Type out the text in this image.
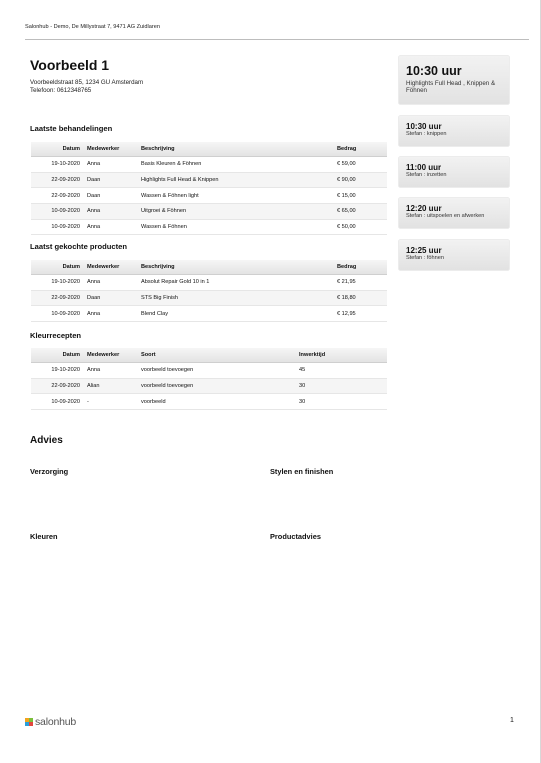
Salonhub - Demo, De Millystraat 7, 9471 AG Zuidlaren
Voorbeeld 1
Voorbeeldstraat 85, 1234 GU Amsterdam
Telefoon: 0612348765
Laatste behandelingen
Datum	Medewerker	Beschrijving	Bedrag
19-10-2020	Anna	Basis Kleuren & Föhnen	€ 59,00
22-09-2020	Daan	Highlights Full Head & Knippen	€ 90,00
22-09-2020	Daan	Wassen & Föhnen light	€ 15,00
10-09-2020	Anna	Uitgroei & Föhnen	€ 65,00
10-09-2020	Anna	Wassen & Föhnen	€ 50,00
Laatst gekochte producten
Datum	Medewerker	Beschrijving	Bedrag
19-10-2020	Anna	Absolut Repair Gold 10 in 1	€ 21,95
22-09-2020	Daan	STS Big Finish	€ 18,80
10-09-2020	Anna	Blend Clay	€ 12,95
Kleurrecepten
Datum	Medewerker	Soort	Inwerktijd
19-10-2020	Anna	voorbeeld toevoegen	45
22-09-2020	Alian	voorbeeld toevoegen	30
10-09-2020	-	voorbeeld	30
Advies
Verzorging	Stylen en finishen
Kleuren	Productadvies
10:30 uur
Highlights Full Head , Knippen & Föhnen
10:30 uur
Stefan : knippen
11:00 uur
Stefan : inzetten
12:20 uur
Stefan : uitspoelen en afwerken
12:25 uur
Stefan : föhnen
salonhub	1
